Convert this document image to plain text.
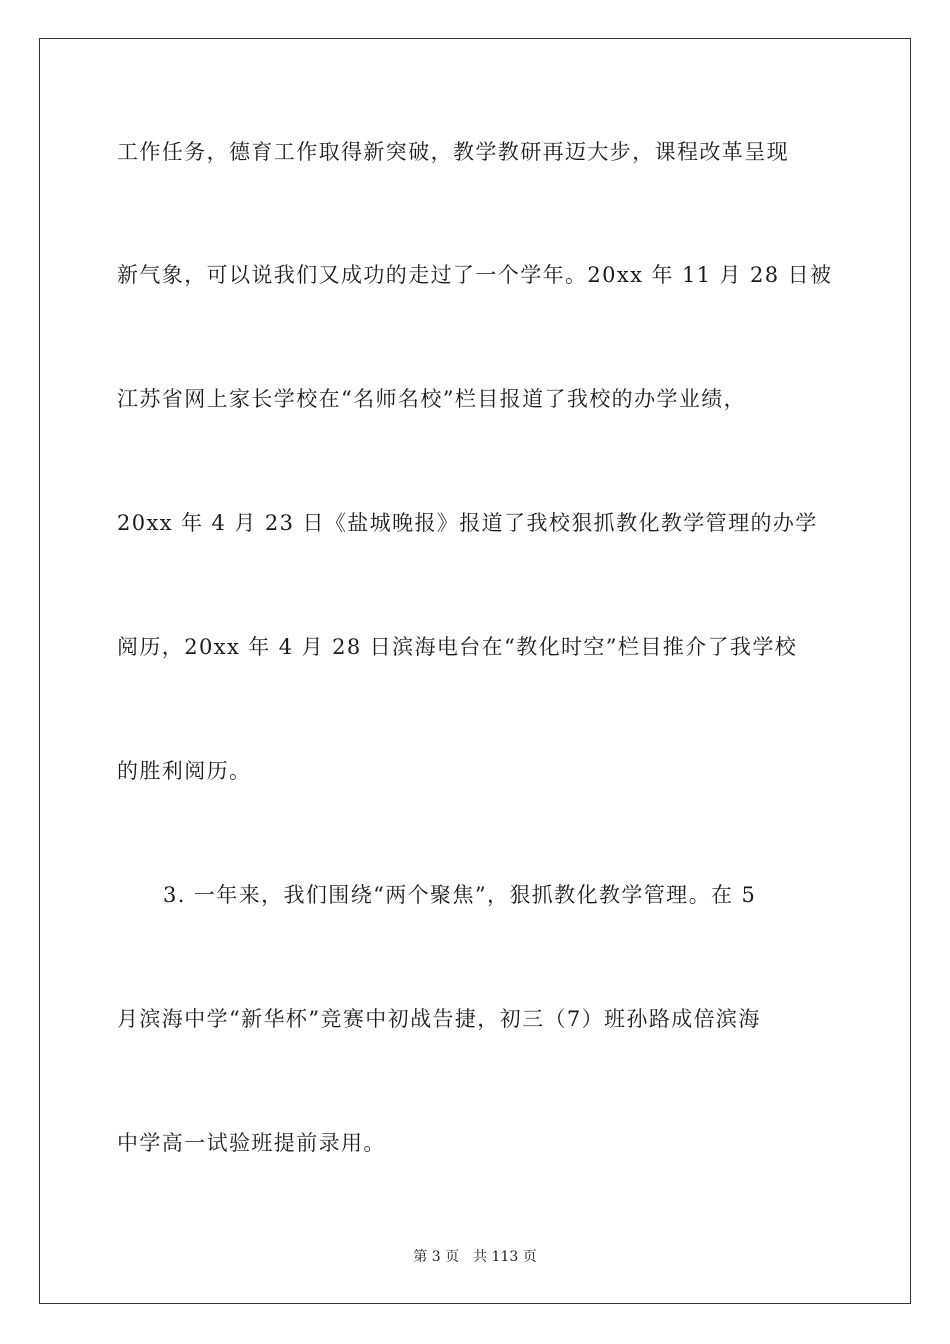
工作任务，德育工作取得新突破，教学教研再迈大步，课程改革呈现
新气象，可以说我们又成功的走过了一个学年。20xx 年 11 月 28 日被
江苏省网上家长学校在“名师名校”栏目报道了我校的办学业绩，
20xx 年 4 月 23 日《盐城晚报》报道了我校狠抓教化教学管理的办学
阅历，20xx 年 4 月 28 日滨海电台在“教化时空”栏目推介了我学校
的胜利阅历。
3. 一年来，我们围绕“两个聚焦”，狠抓教化教学管理。在 5
月滨海中学“新华杯”竞赛中初战告捷，初三（7）班孙路成倍滨海
中学高一试验班提前录用。
第 3 页 共 113 页
